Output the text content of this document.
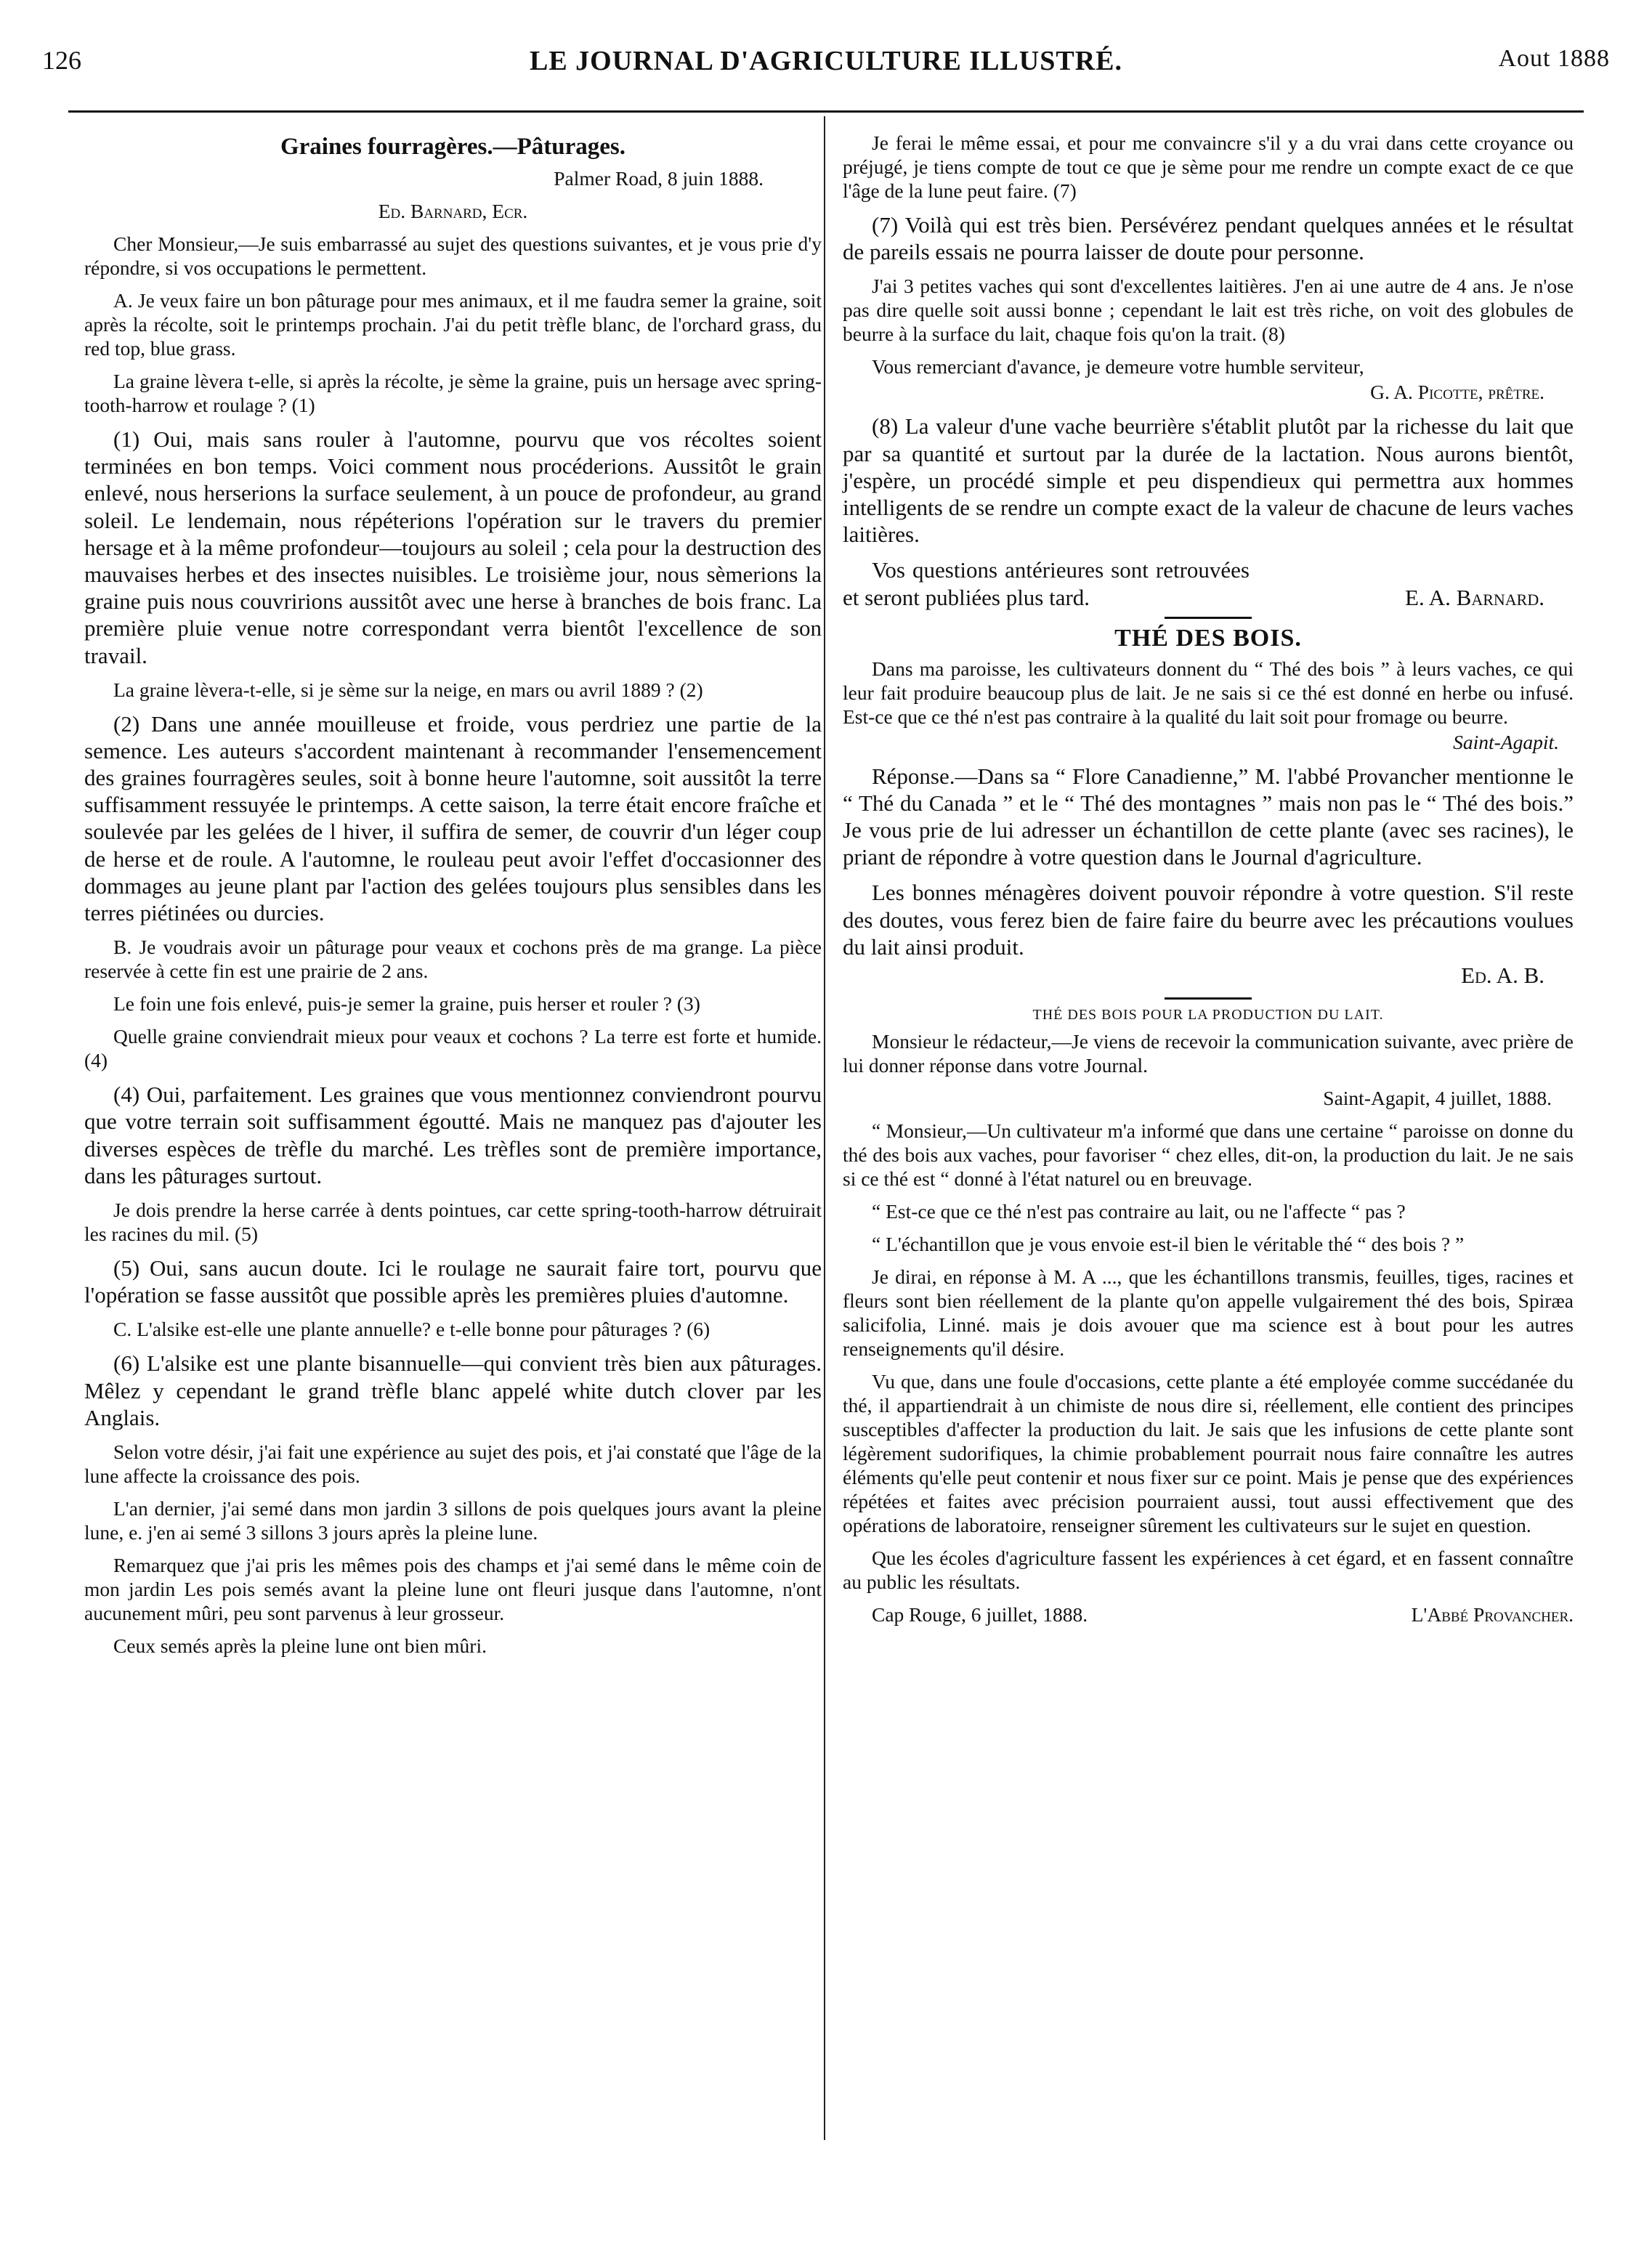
126	LE JOURNAL D'AGRICULTURE ILLUSTRÉ.	Aout 1888
Graines fourragères.—Pâturages.
Palmer Road, 8 juin 1888.
Ed. Barnard, Ecr.

Cher Monsieur,—Je suis embarrassé au sujet des questions suivantes, et je vous prie d'y répondre, si vos occupations le permettent.

A. Je veux faire un bon pâturage pour mes animaux, et il me faudra semer la graine, soit après la récolte, soit le printemps prochain. J'ai du petit trèfle blanc, de l'orchard grass, du red top, blue grass.

La graine lèvera t-elle, si après la récolte, je sème la graine, puis un hersage avec spring-tooth-harrow et roulage ? (1)

(1) Oui, mais sans rouler à l'automne, pourvu que vos récoltes soient terminées en bon temps. Voici comment nous procéderions. Aussitôt le grain enlevé, nous herserions la surface seulement, à un pouce de profondeur, au grand soleil. Le lendemain, nous répéterions l'opération sur le travers du premier hersage et à la même profondeur—toujours au soleil ; cela pour la destruction des mauvaises herbes et des insectes nuisibles. Le troisième jour, nous sèmerions la graine puis nous couvririons aussitôt avec une herse à branches de bois franc. La première pluie venue notre correspondant verra bientôt l'excellence de son travail.

La graine lèvera-t-elle, si je sème sur la neige, en mars ou avril 1889 ? (2)

(2) Dans une année mouilleuse et froide, vous perdriez une partie de la semence. Les auteurs s'accordent maintenant à recommander l'ensemencement des graines fourragères seules, soit à bonne heure l'automne, soit aussitôt la terre suffisamment ressuyée le printemps. A cette saison, la terre était encore fraîche et soulevée par les gelées de l hiver, il suffira de semer, de couvrir d'un léger coup de herse et de roule. A l'automne, le rouleau peut avoir l'effet d'occasionner des dommages au jeune plant par l'action des gelées toujours plus sensibles dans les terres piétinées ou durcies.

B. Je voudrais avoir un pâturage pour veaux et cochons près de ma grange. La pièce reservée à cette fin est une prairie de 2 ans.

Le foin une fois enlevé, puis-je semer la graine, puis herser et rouler ? (3)

Quelle graine conviendrait mieux pour veaux et cochons ? La terre est forte et humide. (4)

(4) Oui, parfaitement. Les graines que vous mentionnez conviendront pourvu que votre terrain soit suffisamment égoutté. Mais ne manquez pas d'ajouter les diverses espèces de trèfle du marché. Les trèfles sont de première importance, dans les pâturages surtout.

Je dois prendre la herse carrée à dents pointues, car cette spring-tooth-harrow détruirait les racines du mil. (5)

(5) Oui, sans aucun doute. Ici le roulage ne saurait faire tort, pourvu que l'opération se fasse aussitôt que possible après les premières pluies d'automne.

C. L'alsike est-elle une plante annuelle? e t-elle bonne pour pâturages ? (6)

(6) L'alsike est une plante bisannuelle—qui convient très bien aux pâturages. Mêlez y cependant le grand trèfle blanc appelé white dutch clover par les Anglais.

Selon votre désir, j'ai fait une expérience au sujet des pois, et j'ai constaté que l'âge de la lune affecte la croissance des pois.

L'an dernier, j'ai semé dans mon jardin 3 sillons de pois quelques jours avant la pleine lune, e. j'en ai semé 3 sillons 3 jours après la pleine lune.

Remarquez que j'ai pris les mêmes pois des champs et j'ai semé dans le même coin de mon jardin Les pois semés avant la pleine lune ont fleuri jusque dans l'automne, n'ont aucunement mûri, peu sont parvenus à leur grosseur.

Ceux semés après la pleine lune ont bien mûri.

Je ferai le même essai, et pour me convaincre s'il y a du vrai dans cette croyance ou préjugé, je tiens compte de tout ce que je sème pour me rendre un compte exact de ce que l'âge de la lune peut faire. (7)

(7) Voilà qui est très bien. Persévérez pendant quelques années et le résultat de pareils essais ne pourra laisser de doute pour personne.

J'ai 3 petites vaches qui sont d'excellentes laitières. J'en ai une autre de 4 ans. Je n'ose pas dire quelle soit aussi bonne ; cependant le lait est très riche, on voit des globules de beurre à la surface du lait, chaque fois qu'on la trait. (8)

Vous remerciant d'avance, je demeure votre humble serviteur,

G. A. Picotte, prêtre.

(8) La valeur d'une vache beurrière s'établit plutôt par la richesse du lait que par sa quantité et surtout par la durée de la lactation. Nous aurons bientôt, j'espère, un procédé simple et peu dispendieux qui permettra aux hommes intelligents de se rendre un compte exact de la valeur de chacune de leurs vaches laitières.

Vos questions antérieures sont retrouvées et seront publiées plus tard.	E. A. Barnard.
THÉ DES BOIS.

Dans ma paroisse, les cultivateurs donnent du “ Thé des bois ” à leurs vaches, ce qui leur fait produire beaucoup plus de lait. Je ne sais si ce thé est donné en herbe ou infusé. Est-ce que ce thé n'est pas contraire à la qualité du lait soit pour fromage ou beurre.

Saint-Agapit.

Réponse.—Dans sa “ Flore Canadienne,” M. l'abbé Provancher mentionne le “ Thé du Canada ” et le “ Thé des montagnes ” mais non pas le “ Thé des bois.” Je vous prie de lui adresser un échantillon de cette plante (avec ses racines), le priant de répondre à votre question dans le Journal d'agriculture.

Les bonnes ménagères doivent pouvoir répondre à votre question. S'il reste des doutes, vous ferez bien de faire faire du beurre avec les précautions voulues du lait ainsi produit.

Ed. A. B.
THÉ DES BOIS POUR LA PRODUCTION DU LAIT.

Monsieur le rédacteur,—Je viens de recevoir la communication suivante, avec prière de lui donner réponse dans votre Journal.

Saint-Agapit, 4 juillet, 1888.

“ Monsieur,—Un cultivateur m'a informé que dans une certaine “ paroisse on donne du thé des bois aux vaches, pour favoriser “ chez elles, dit-on, la production du lait. Je ne sais si ce thé est “ donné à l'état naturel ou en breuvage.

“ Est-ce que ce thé n'est pas contraire au lait, ou ne l'affecte “ pas ?

“ L'échantillon que je vous envoie est-il bien le véritable thé “ des bois ? ”

Je dirai, en réponse à M. A ..., que les échantillons transmis, feuilles, tiges, racines et fleurs sont bien réellement de la plante qu'on appelle vulgairement thé des bois, Spiræa salicifolia, Linné. mais je dois avouer que ma science est à bout pour les autres renseignements qu'il désire.

Vu que, dans une foule d'occasions, cette plante a été employée comme succédanée du thé, il appartiendrait à un chimiste de nous dire si, réellement, elle contient des principes susceptibles d'affecter la production du lait. Je sais que les infusions de cette plante sont légèrement sudorifiques, la chimie probablement pourrait nous faire connaître les autres éléments qu'elle peut contenir et nous fixer sur ce point. Mais je pense que des expériences répétées et faites avec précision pourraient aussi, tout aussi effectivement que des opérations de laboratoire, renseigner sûrement les cultivateurs sur le sujet en question.

Que les écoles d'agriculture fassent les expériences à cet égard, et en fassent connaître au public les résultats.

Cap Rouge, 6 juillet, 1888.	L'Abbé Provancher.
